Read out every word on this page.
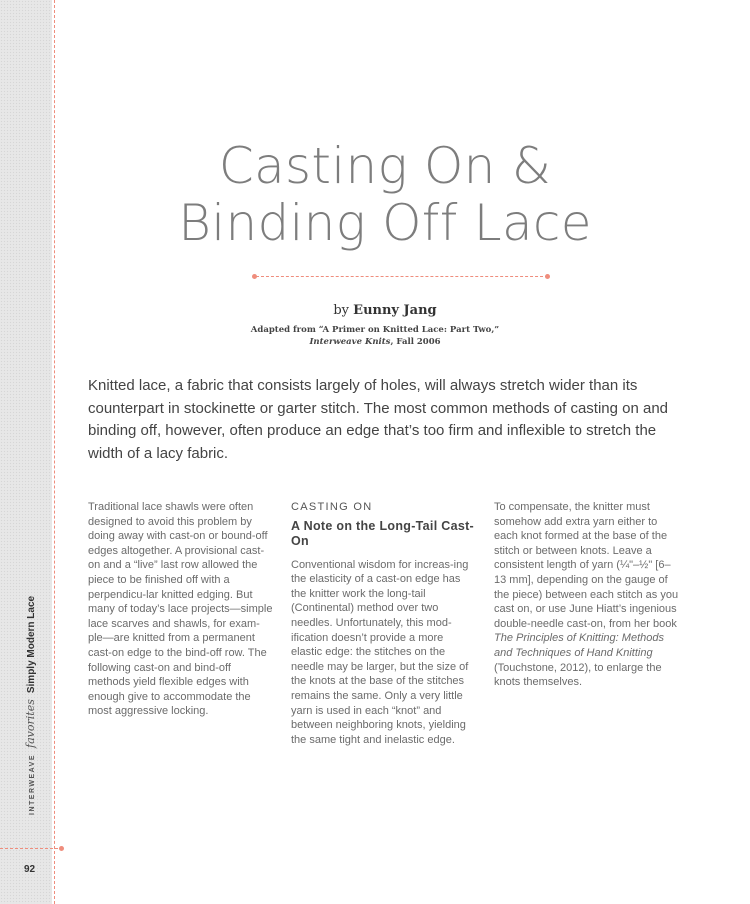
INTERWEAVE
favorites
Simply Modern Lace
92
Casting On &
Binding Off Lace
by Eunny Jang
Adapted from “A Primer on Knitted Lace: Part Two,”
Interweave Knits, Fall 2006

Knitted lace, a fabric that consists largely of holes, will always stretch wider than its counterpart in stockinette or garter stitch. The most common methods of casting on and binding off, however, often produce an edge that’s too firm and inflexible to stretch the width of a lacy fabric.

Traditional lace shawls were often designed to avoid this problem by doing away with cast-on or bound-off edges altogether. A provisional cast-on and a “live” last row allowed the piece to be finished off with a perpendicu-lar knitted edging. But many of today’s lace projects—simple lace scarves and shawls, for exam-ple—are knitted from a permanent cast-on edge to the bind-off row. The following cast-on and bind-off methods yield flexible edges with enough give to accommodate the most aggressive locking.

CASTING ON
A Note on the Long-Tail Cast-On

Conventional wisdom for increas-ing the elasticity of a cast-on edge has the knitter work the long-tail (Continental) method over two needles. Unfortunately, this mod-ification doesn’t provide a more elastic edge: the stitches on the needle may be larger, but the size of the knots at the base of the stitches remains the same. Only a very little yarn is used in each “knot” and between neighboring knots, yielding the same tight and inelastic edge.

To compensate, the knitter must somehow add extra yarn either to each knot formed at the base of the stitch or between knots. Leave a consistent length of yarn (¼"–½" [6–13 mm], depending on the gauge of the piece) between each stitch as you cast on, or use June Hiatt’s ingenious double-needle cast-on, from her book The Principles of Knitting: Methods and Techniques of Hand Knitting (Touchstone, 2012), to enlarge the knots themselves.
